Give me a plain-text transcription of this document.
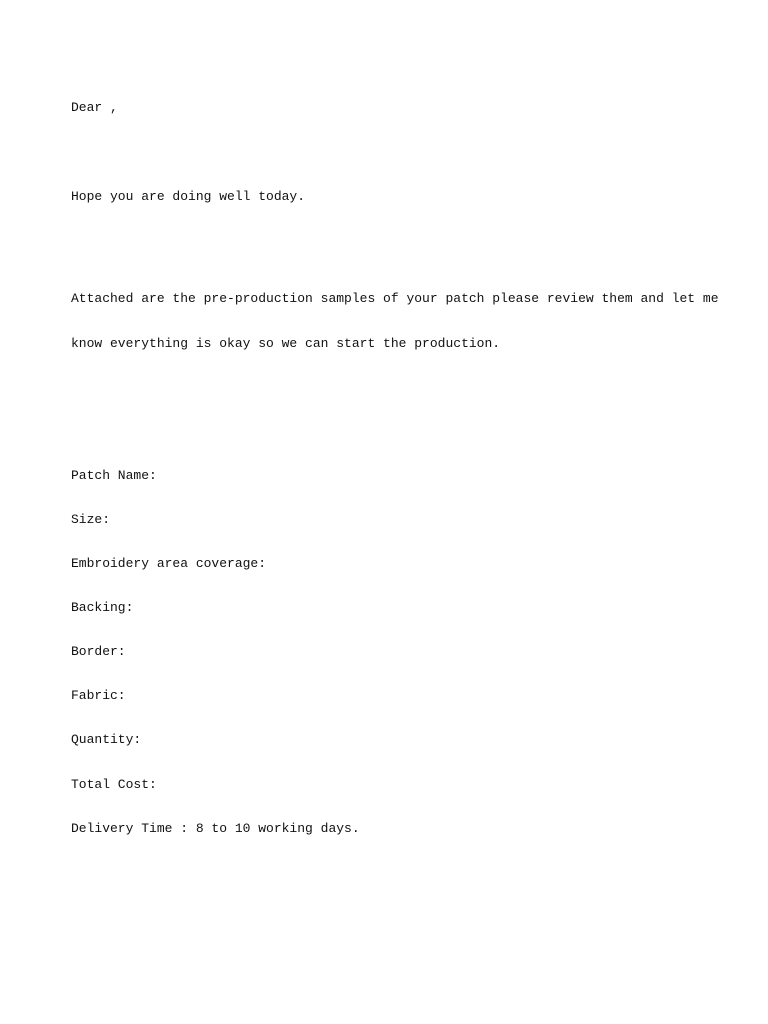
Dear ,

Hope you are doing well today.

Attached are the pre-production samples of your patch please review them and let me

know everything is okay so we can start the production.

Patch Name:

Size:

Embroidery area coverage:

Backing:

Border:

Fabric:

Quantity:

Total Cost:

Delivery Time : 8 to 10 working days.
